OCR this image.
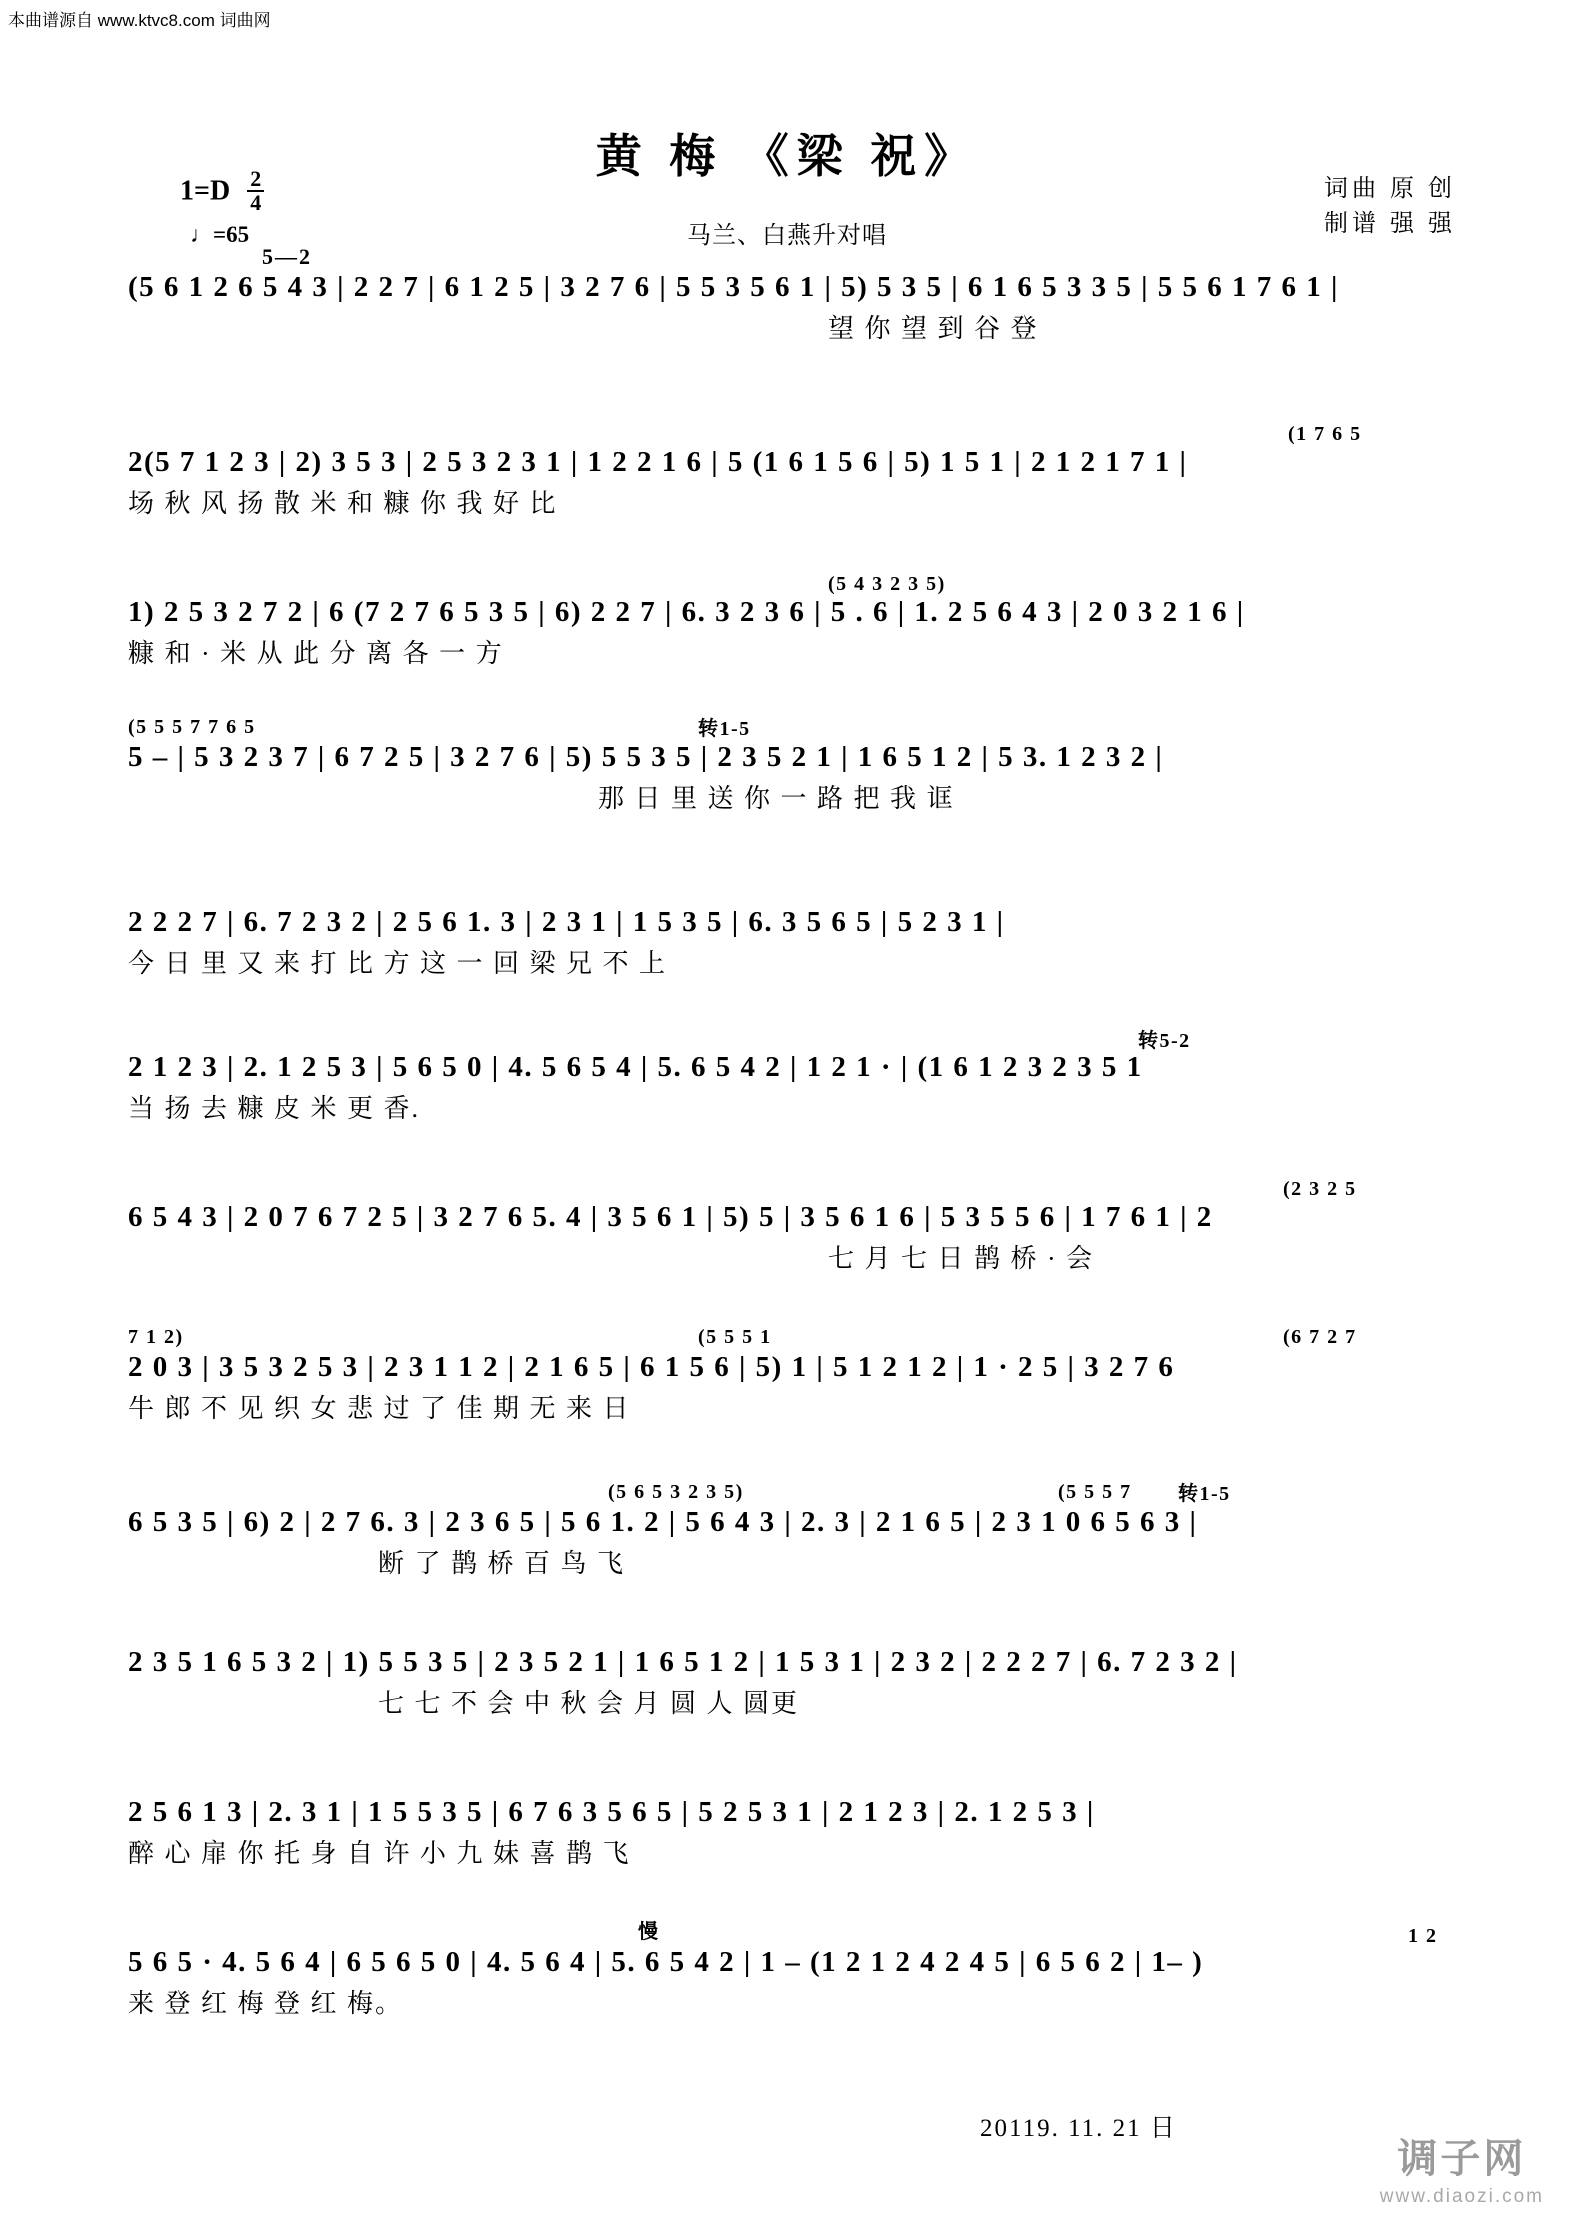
本曲谱源自 www.ktvc8.com 词曲网
黄 梅 《梁 祝》
马兰、白燕升对唱
$1=D \frac{2}{4}$
♩=65
5—2
词曲 原 创
制谱 强 强
(5 6 1 2 6 5 4 3 | 2 2 7 | 6 1 2 5 | 3 2 7 6 | 5 5 3 5 6 1 | 5) 5 3 5 | 6 1 6 5 3 3 5 | 5 5 6 1 7 6 1 |
望 你 望 到 谷 登
2(5 7 1 2 3 | 2) 3 5 3 | 2 5 3 2 3 1 | 1 2 2 1 6 | 5 (1 6 1 5 6 | 5) 1 5 1 | 2 1 2 1 7 1 |
(1 7 6 5
场 秋 风 扬 散 米 和 糠 你 我 好 比
1) 2 5 3 2 7 2 | 6 (7 2 7 6 5 3 5 | 6) 2 2 7 | 6. 3 2 3 6 | 5 . 6 | 1. 2 5 6 4 3 | 2 0 3 2 1 6 |
(5 4 3 2 3 5)
糠 和 · 米 从 此 分 离 各 一 方
5 – | 5 3 2 3 7 | 6 7 2 5 | 3 2 7 6 | 5) 5 5 3 5 | 2 3 5 2 1 | 1 6 5 1 2 | 5 3. 1 2 3 2 |
(5 5 5 7 7 6 5	转1-5
那 日 里 送 你 一 路 把 我 诓
2 2 2 7 | 6. 7 2 3 2 | 2 5 6 1. 3 | 2 3 1 | 1 5 3 5 | 6. 3 5 6 5 | 5 2 3 1 |
今 日 里 又 来 打 比 方 这 一 回 梁 兄 不 上
2 1 2 3 | 2. 1 2 5 3 | 5 6 5 0 | 4. 5 6 5 4 | 5. 6 5 4 2 | 1 2 1 · | (1 6 1 2 3 2 3 5 1
转5-2
当 扬 去 糠 皮 米 更 香.
6 5 4 3 | 2 0 7 6 7 2 5 | 3 2 7 6 5. 4 | 3 5 6 1 | 5) 5 | 3 5 6 1 6 | 5 3 5 5 6 | 1 7 6 1 | 2
(2 3 2 5
七 月 七 日 鹊 桥 · 会
2 0 3 | 3 5 3 2 5 3 | 2 3 1 1 2 | 2 1 6 5 | 6 1 5 6 | 5) 1 | 5 1 2 1 2 | 1 · 2 5 | 3 2 7 6
7 1 2)	(5 5 5 1	(6 7 2 7
牛 郎 不 见 织 女 悲 过 了 佳 期 无 来 日
6 5 3 5 | 6) 2 | 2 7 6. 3 | 2 3 6 5 | 5 6 1. 2 | 5 6 4 3 | 2. 3 | 2 1 6 5 | 2 3 1 0 6 5 6 3 |
(5 6 5 3 2 3 5)	(5 5 5 7 转1-5
断 了 鹊 桥 百 鸟 飞
2 3 5 1 6 5 3 2 | 1) 5 5 3 5 | 2 3 5 2 1 | 1 6 5 1 2 | 1 5 3 1 | 2 3 2 | 2 2 2 7 | 6. 7 2 3 2 |
七 七 不 会 中 秋 会 月 圆 人 圆更
2 5 6 1 3 | 2. 3 1 | 1 5 5 3 5 | 6 7 6 3 5 6 5 | 5 2 5 3 1 | 2 1 2 3 | 2. 1 2 5 3 |
醉 心 扉 你 托 身 自 许 小 九 妹 喜 鹊 飞
5 6 5 · 4. 5 6 4 | 6 5 6 5 0 | 4. 5 6 4 | 5. 6 5 4 2 | 1 – (1 2 1 2 4 2 4 5 | 6 5 6 2 | 1– )
慢	1 2
来 登 红 梅 登 红 梅。
20119. 11. 21 日
调子网
www.diaozi.com
